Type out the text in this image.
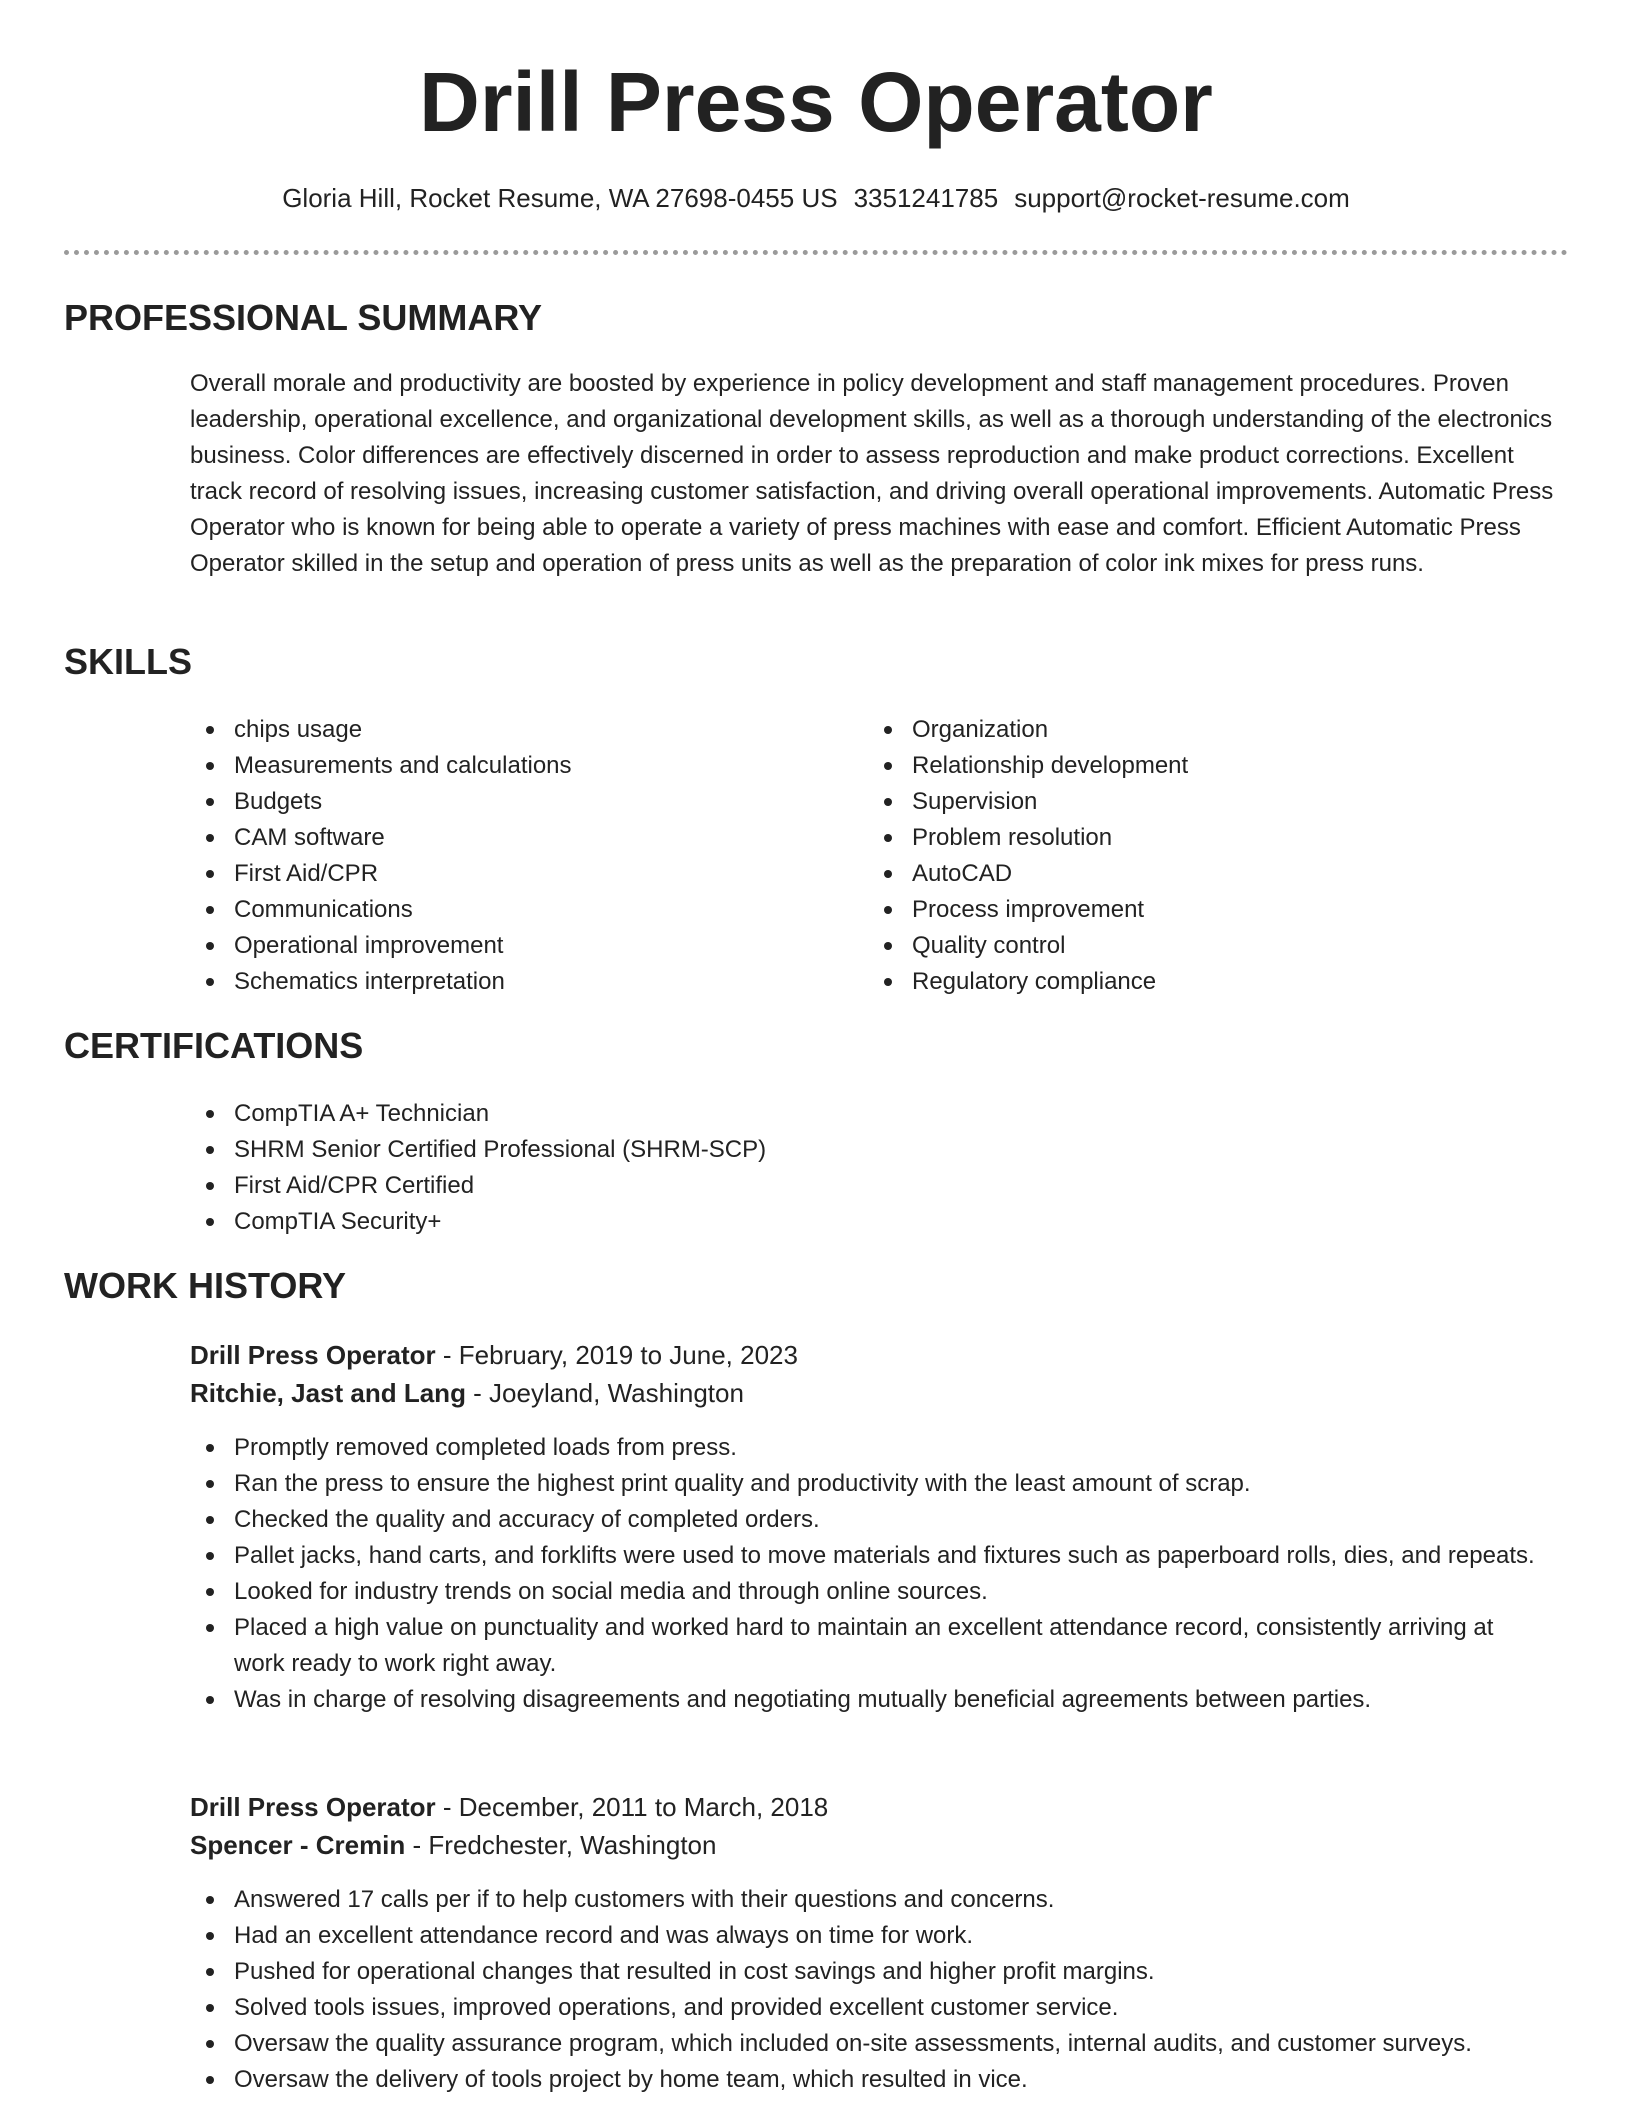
Drill Press Operator
Gloria Hill, Rocket Resume, WA 27698-0455 US 3351241785 support@rocket-resume.com
PROFESSIONAL SUMMARY

Overall morale and productivity are boosted by experience in policy development and staff management procedures. Proven leadership, operational excellence, and organizational development skills, as well as a thorough understanding of the electronics business. Color differences are effectively discerned in order to assess reproduction and make product corrections. Excellent track record of resolving issues, increasing customer satisfaction, and driving overall operational improvements. Automatic Press Operator who is known for being able to operate a variety of press machines with ease and comfort. Efficient Automatic Press Operator skilled in the setup and operation of press units as well as the preparation of color ink mixes for press runs.

SKILLS
chips usage
Measurements and calculations
Budgets
CAM software
First Aid/CPR
Communications
Operational improvement
Schematics interpretation
Organization
Relationship development
Supervision
Problem resolution
AutoCAD
Process improvement
Quality control
Regulatory compliance
CERTIFICATIONS
CompTIA A+ Technician
SHRM Senior Certified Professional (SHRM-SCP)
First Aid/CPR Certified
CompTIA Security+
WORK HISTORY
Drill Press Operator - February, 2019 to June, 2023
Ritchie, Jast and Lang - Joeyland, Washington
Promptly removed completed loads from press.
Ran the press to ensure the highest print quality and productivity with the least amount of scrap.
Checked the quality and accuracy of completed orders.
Pallet jacks, hand carts, and forklifts were used to move materials and fixtures such as paperboard rolls, dies, and repeats.
Looked for industry trends on social media and through online sources.
Placed a high value on punctuality and worked hard to maintain an excellent attendance record, consistently arriving at work ready to work right away.
Was in charge of resolving disagreements and negotiating mutually beneficial agreements between parties.
Drill Press Operator - December, 2011 to March, 2018
Spencer - Cremin - Fredchester, Washington
Answered 17 calls per if to help customers with their questions and concerns.
Had an excellent attendance record and was always on time for work.
Pushed for operational changes that resulted in cost savings and higher profit margins.
Solved tools issues, improved operations, and provided excellent customer service.
Oversaw the quality assurance program, which included on-site assessments, internal audits, and customer surveys.
Oversaw the delivery of tools project by home team, which resulted in vice.
